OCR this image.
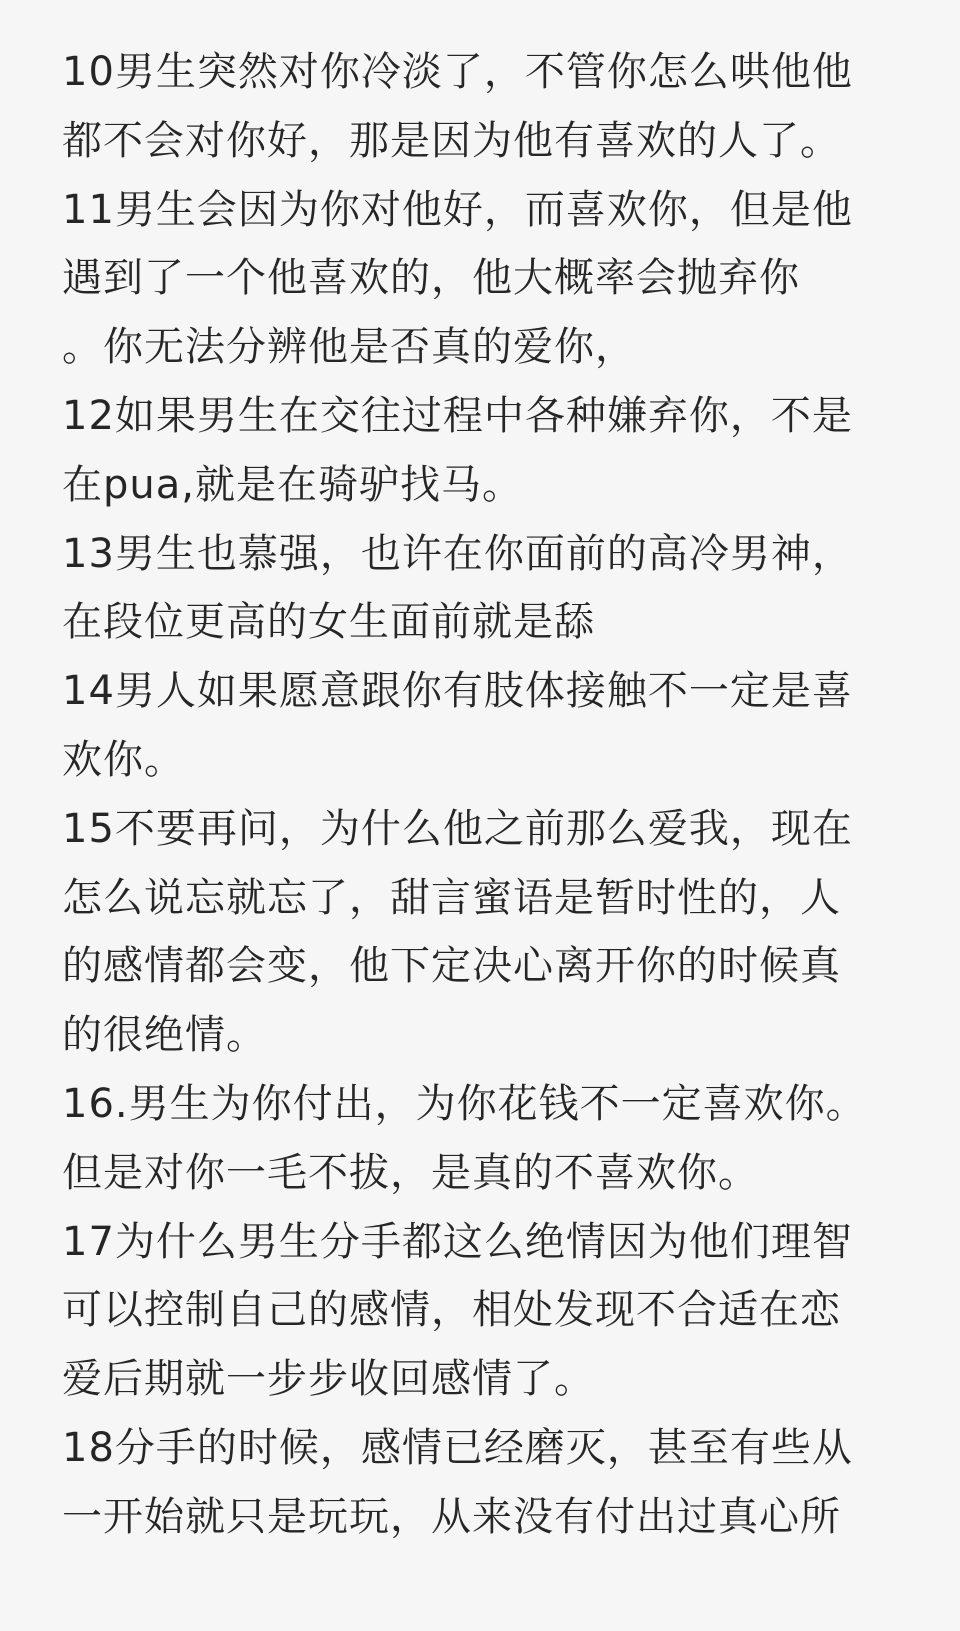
10男生突然对你冷淡了，不管你怎么哄他他
都不会对你好，那是因为他有喜欢的人了。
11男生会因为你对他好，而喜欢你，但是他
遇到了一个他喜欢的，他大概率会抛弃你
。你无法分辨他是否真的爱你，
12如果男生在交往过程中各种嫌弃你，不是
在pua,就是在骑驴找马。
13男生也慕强，也许在你面前的高冷男神，
在段位更高的女生面前就是舔
14男人如果愿意跟你有肢体接触不一定是喜
欢你。
15不要再问，为什么他之前那么爱我，现在
怎么说忘就忘了，甜言蜜语是暂时性的，人
的感情都会变，他下定决心离开你的时候真
的很绝情。
16.男生为你付出，为你花钱不一定喜欢你。
但是对你一毛不拔，是真的不喜欢你。
17为什么男生分手都这么绝情因为他们理智
可以控制自己的感情，相处发现不合适在恋
爱后期就一步步收回感情了。
18分手的时候，感情已经磨灭，甚至有些从
一开始就只是玩玩，从来没有付出过真心所
